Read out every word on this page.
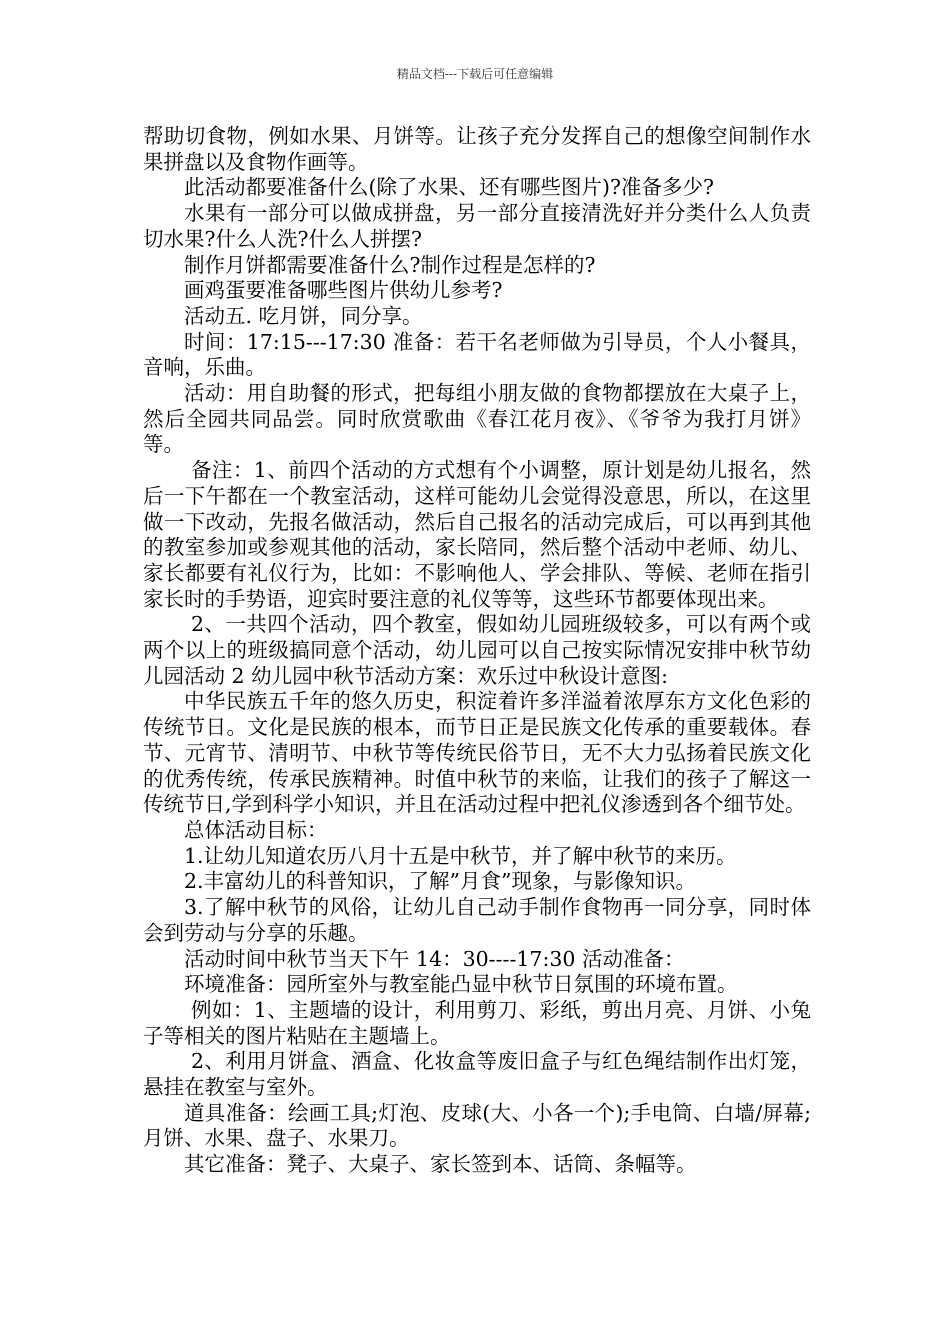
精品文档---下载后可任意编辑

帮助切食物，例如水果、月饼等。让孩子充分发挥自己的想像空间制作水果拼盘以及食物作画等。

此活动都要准备什么(除了水果、还有哪些图片)?准备多少?

水果有一部分可以做成拼盘，另一部分直接清洗好并分类什么人负责切水果?什么人洗?什么人拼摆?

制作月饼都需要准备什么?制作过程是怎样的?

画鸡蛋要准备哪些图片供幼儿参考?

活动五. 吃月饼，同分享。

时间：17:15---17:30 准备：若干名老师做为引导员，个人小餐具，音响，乐曲。

活动：用自助餐的形式，把每组小朋友做的食物都摆放在大桌子上，然后全园共同品尝。同时欣赏歌曲《春江花月夜》、《爷爷为我打月饼》等。

备注：1、前四个活动的方式想有个小调整，原计划是幼儿报名，然后一下午都在一个教室活动，这样可能幼儿会觉得没意思，所以，在这里做一下改动，先报名做活动，然后自己报名的活动完成后，可以再到其他的教室参加或参观其他的活动，家长陪同，然后整个活动中老师、幼儿、家长都要有礼仪行为，比如：不影响他人、学会排队、等候、老师在指引家长时的手势语，迎宾时要注意的礼仪等等，这些环节都要体现出来。

2、一共四个活动，四个教室，假如幼儿园班级较多，可以有两个或两个以上的班级搞同意个活动，幼儿园可以自己按实际情况安排中秋节幼儿园活动 2 幼儿园中秋节活动方案：欢乐过中秋设计意图:

中华民族五千年的悠久历史，积淀着许多洋溢着浓厚东方文化色彩的传统节日。文化是民族的根本，而节日正是民族文化传承的重要载体。春节、元宵节、清明节、中秋节等传统民俗节日，无不大力弘扬着民族文化的优秀传统，传承民族精神。时值中秋节的来临，让我们的孩子了解这一传统节日,学到科学小知识，并且在活动过程中把礼仪渗透到各个细节处。

总体活动目标：

1.让幼儿知道农历八月十五是中秋节，并了解中秋节的来历。

2.丰富幼儿的科普知识，了解”月食”现象，与影像知识。

3.了解中秋节的风俗，让幼儿自己动手制作食物再一同分享，同时体 会到劳动与分享的乐趣。

活动时间中秋节当天下午 14：30----17:30 活动准备：

环境准备：园所室外与教室能凸显中秋节日氛围的环境布置。

例如：1、主题墙的设计，利用剪刀、彩纸，剪出月亮、月饼、小兔子等相关的图片粘贴在主题墙上。

2、利用月饼盒、酒盒、化妆盒等废旧盒子与红色绳结制作出灯笼，悬挂在教室与室外。

道具准备：绘画工具;灯泡、皮球(大、小各一个);手电筒、白墙/屏幕;月饼、水果、盘子、水果刀。

其它准备：凳子、大桌子、家长签到本、话筒、条幅等。
